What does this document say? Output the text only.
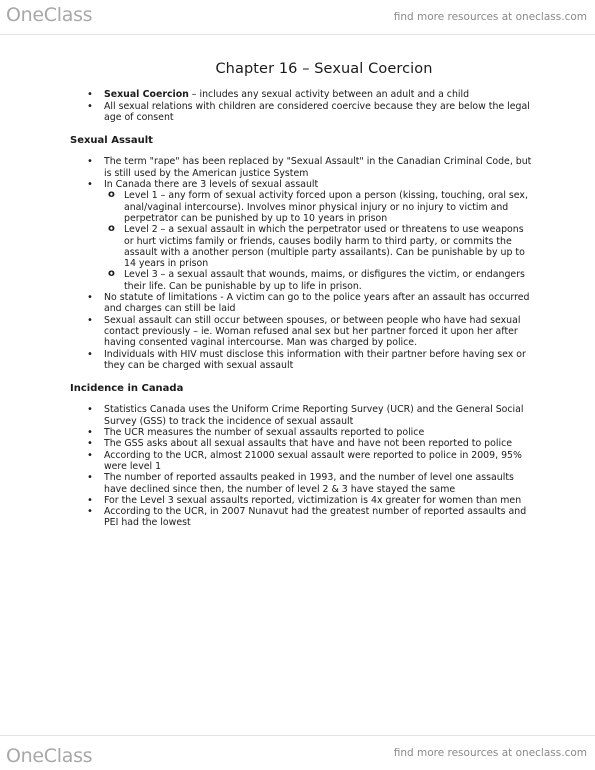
OneClass	find more resources at oneclass.com
Chapter 16 – Sexual Coercion
• Sexual Coercion – includes any sexual activity between an adult and a child
• All sexual relations with children are considered coercive because they are below the legal age of consent
Sexual Assault
• The term "rape" has been replaced by "Sexual Assault" in the Canadian Criminal Code, but is still used by the American justice System
• In Canada there are 3 levels of sexual assault
o Level 1 – any form of sexual activity forced upon a person (kissing, touching, oral sex, anal/vaginal intercourse). Involves minor physical injury or no injury to victim and perpetrator can be punished by up to 10 years in prison
o Level 2 – a sexual assault in which the perpetrator used or threatens to use weapons or hurt victims family or friends, causes bodily harm to third party, or commits the assault with a another person (multiple party assailants). Can be punishable by up to 14 years in prison
o Level 3 – a sexual assault that wounds, maims, or disfigures the victim, or endangers their life. Can be punishable by up to life in prison.
• No statute of limitations - A victim can go to the police years after an assault has occurred and charges can still be laid
• Sexual assault can still occur between spouses, or between people who have had sexual contact previously – ie. Woman refused anal sex but her partner forced it upon her after having consented vaginal intercourse. Man was charged by police.
• Individuals with HIV must disclose this information with their partner before having sex or they can be charged with sexual assault
Incidence in Canada
• Statistics Canada uses the Uniform Crime Reporting Survey (UCR) and the General Social Survey (GSS) to track the incidence of sexual assault
• The UCR measures the number of sexual assaults reported to police
• The GSS asks about all sexual assaults that have and have not been reported to police
• According to the UCR, almost 21000 sexual assault were reported to police in 2009, 95% were level 1
• The number of reported assaults peaked in 1993, and the number of level one assaults have declined since then, the number of level 2 & 3 have stayed the same
• For the Level 3 sexual assaults reported, victimization is 4x greater for women than men
• According to the UCR, in 2007 Nunavut had the greatest number of reported assaults and PEI had the lowest
OneClass	find more resources at oneclass.com
